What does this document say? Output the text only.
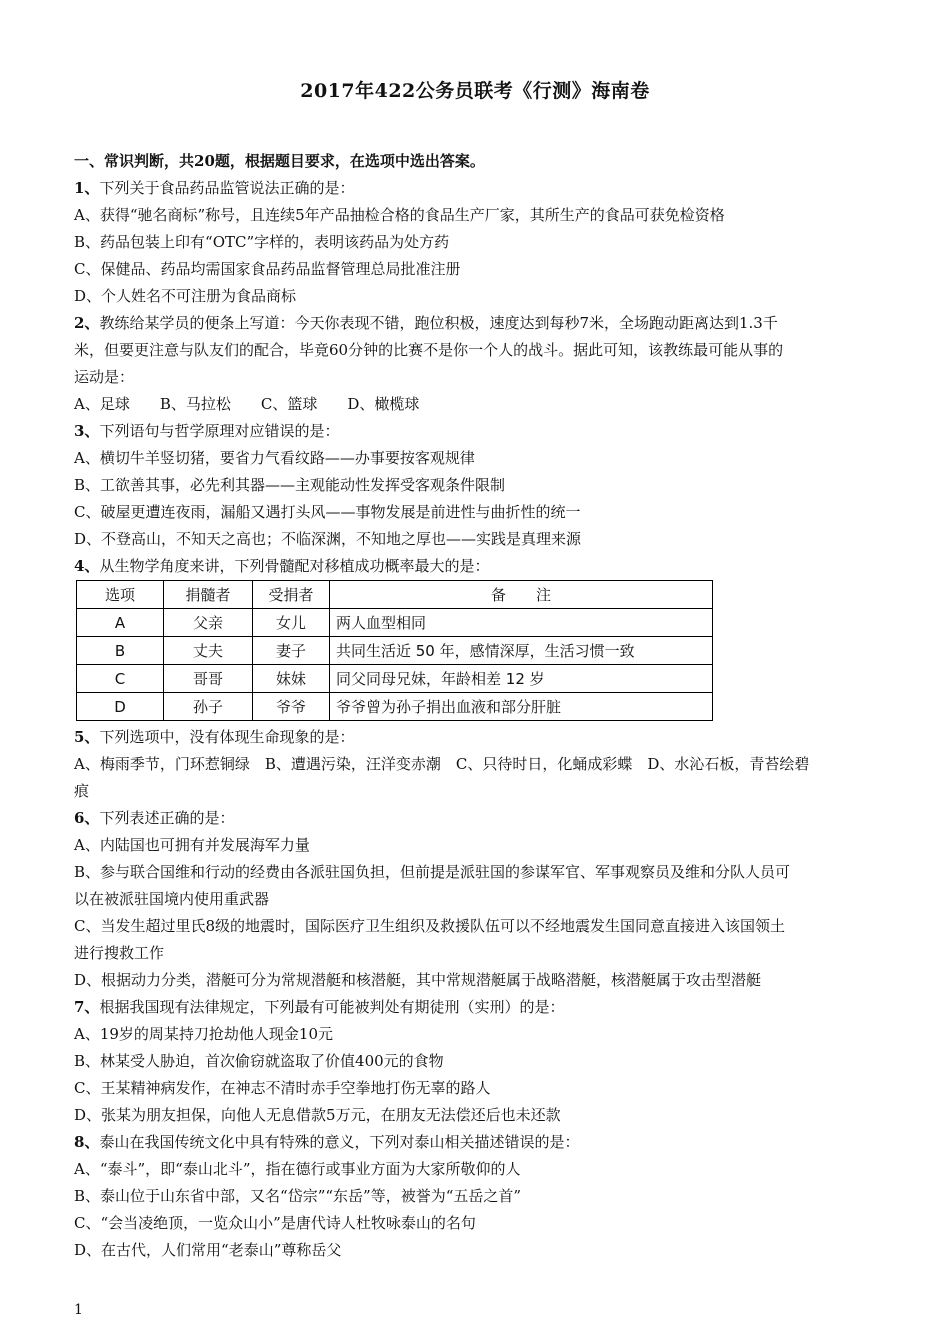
2017年422公务员联考《行测》海南卷

一、常识判断，共20题，根据题目要求，在选项中选出答案。

1、下列关于食品药品监管说法正确的是：

A、获得“驰名商标”称号，且连续5年产品抽检合格的食品生产厂家，其所生产的食品可获免检资格

B、药品包装上印有“OTC”字样的，表明该药品为处方药

C、保健品、药品均需国家食品药品监督管理总局批准注册

D、个人姓名不可注册为食品商标

2、教练给某学员的便条上写道：今天你表现不错，跑位积极，速度达到每秒7米，全场跑动距离达到1.3千

米，但要更注意与队友们的配合，毕竟60分钟的比赛不是你一个人的战斗。据此可知，该教练最可能从事的

运动是：

A、足球　　B、马拉松　　C、篮球　　D、橄榄球

3、下列语句与哲学原理对应错误的是：

A、横切牛羊竖切猪，要省力气看纹路——办事要按客观规律

B、工欲善其事，必先利其器——主观能动性发挥受客观条件限制

C、破屋更遭连夜雨，漏船又遇打头风——事物发展是前进性与曲折性的统一

D、不登高山，不知天之高也；不临深渊，不知地之厚也——实践是真理来源

4、从生物学角度来讲，下列骨髓配对移植成功概率最大的是：

选项	捐髓者	受捐者	备　　注
A	父亲	女儿	两人血型相同
B	丈夫	妻子	共同生活近 50 年，感情深厚，生活习惯一致
C	哥哥	妹妹	同父同母兄妹，年龄相差 12 岁
D	孙子	爷爷	爷爷曾为孙子捐出血液和部分肝脏

5、下列选项中，没有体现生命现象的是：

A、梅雨季节，门环惹铜绿　B、遭遇污染，汪洋变赤潮　C、只待时日，化蛹成彩蝶　D、水沁石板，青苔绘碧

痕

6、下列表述正确的是：

A、内陆国也可拥有并发展海军力量

B、参与联合国维和行动的经费由各派驻国负担，但前提是派驻国的参谋军官、军事观察员及维和分队人员可

以在被派驻国境内使用重武器

C、当发生超过里氏8级的地震时，国际医疗卫生组织及救援队伍可以不经地震发生国同意直接进入该国领土

进行搜救工作

D、根据动力分类，潜艇可分为常规潜艇和核潜艇，其中常规潜艇属于战略潜艇，核潜艇属于攻击型潜艇

7、根据我国现有法律规定，下列最有可能被判处有期徒刑（实刑）的是：

A、19岁的周某持刀抢劫他人现金10元

B、林某受人胁迫，首次偷窃就盗取了价值400元的食物

C、王某精神病发作，在神志不清时赤手空拳地打伤无辜的路人

D、张某为朋友担保，向他人无息借款5万元，在朋友无法偿还后也未还款

8、泰山在我国传统文化中具有特殊的意义，下列对泰山相关描述错误的是：

A、“泰斗”，即“泰山北斗”，指在德行或事业方面为大家所敬仰的人

B、泰山位于山东省中部，又名“岱宗”“东岳”等，被誉为“五岳之首”

C、“会当凌绝顶，一览众山小”是唐代诗人杜牧咏泰山的名句

D、在古代，人们常用“老泰山”尊称岳父

1
